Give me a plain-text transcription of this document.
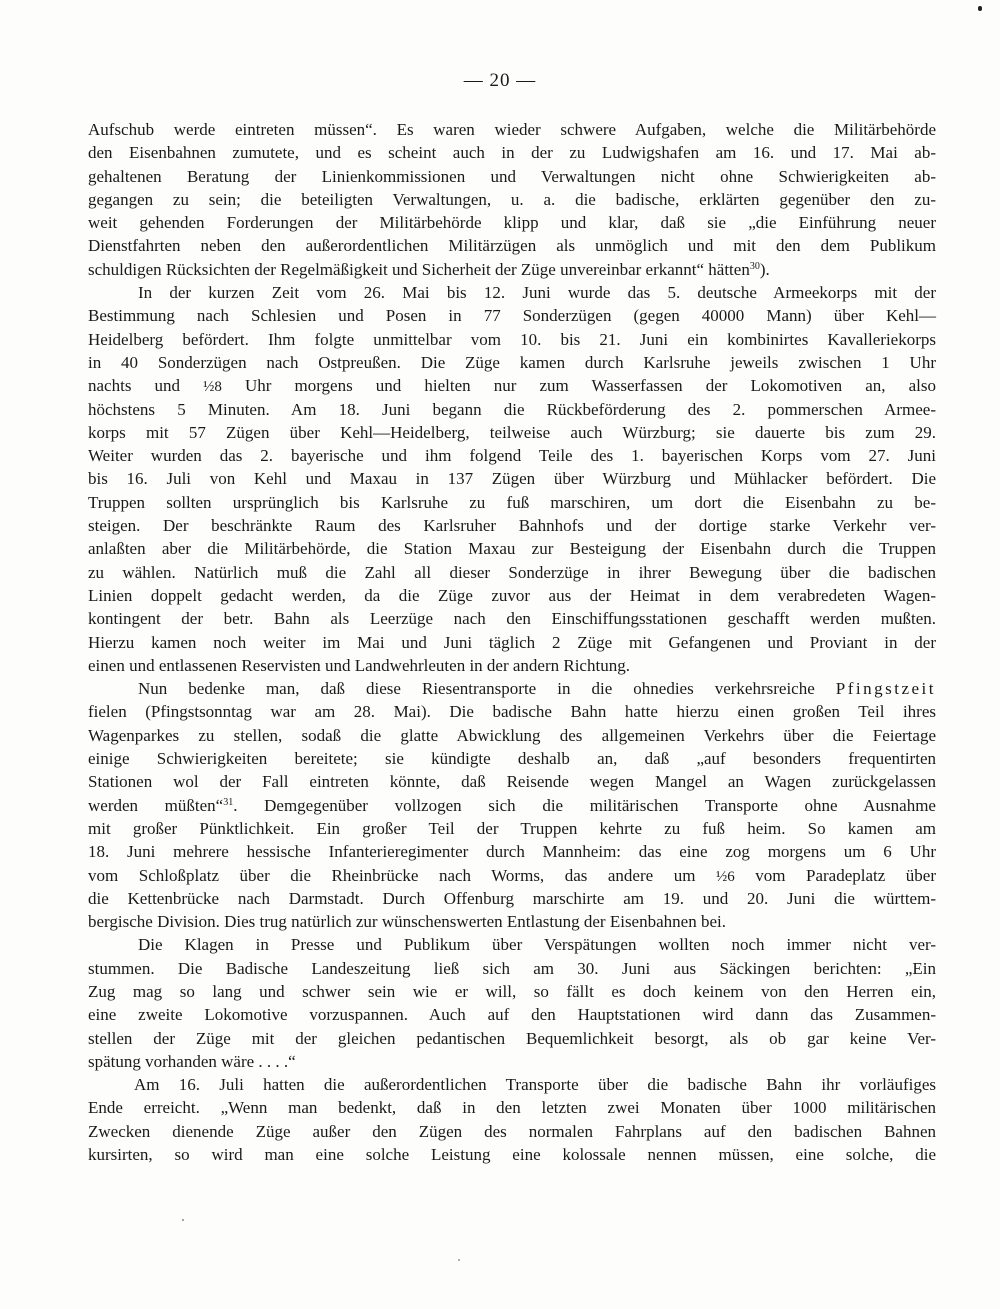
— 20 —
Aufschub werde eintreten müssen“. Es waren wieder schwere Aufgaben, welche die Militärbehörde
den Eisenbahnen zumutete, und es scheint auch in der zu Ludwigshafen am 16. und 17. Mai ab-
gehaltenen Beratung der Linienkommissionen und Verwaltungen nicht ohne Schwierigkeiten ab-
gegangen zu sein; die beteiligten Verwaltungen, u. a. die badische, erklärten gegenüber den zu-
weit gehenden Forderungen der Militärbehörde klipp und klar, daß sie „die Einführung neuer
Dienstfahrten neben den außerordentlichen Militärzügen als unmöglich und mit den dem Publikum
schuldigen Rücksichten der Regelmäßigkeit und Sicherheit der Züge unvereinbar erkannt“ hätten$^{30}$).
In der kurzen Zeit vom 26. Mai bis 12. Juni wurde das 5. deutsche Armeekorps mit der
Bestimmung nach Schlesien und Posen in 77 Sonderzügen (gegen 40000 Mann) über Kehl—
Heidelberg befördert. Ihm folgte unmittelbar vom 10. bis 21. Juni ein kombinirtes Kavalleriekorps
in 40 Sonderzügen nach Ostpreußen. Die Züge kamen durch Karlsruhe jeweils zwischen 1 Uhr
nachts und ½8 Uhr morgens und hielten nur zum Wasserfassen der Lokomotiven an, also
höchstens 5 Minuten. Am 18. Juni begann die Rückbeförderung des 2. pommerschen Armee-
korps mit 57 Zügen über Kehl—Heidelberg, teilweise auch Würzburg; sie dauerte bis zum 29.
Weiter wurden das 2. bayerische und ihm folgend Teile des 1. bayerischen Korps vom 27. Juni
bis 16. Juli von Kehl und Maxau in 137 Zügen über Würzburg und Mühlacker befördert. Die
Truppen sollten ursprünglich bis Karlsruhe zu fuß marschiren, um dort die Eisenbahn zu be-
steigen. Der beschränkte Raum des Karlsruher Bahnhofs und der dortige starke Verkehr ver-
anlaßten aber die Militärbehörde, die Station Maxau zur Besteigung der Eisenbahn durch die Truppen
zu wählen. Natürlich muß die Zahl all dieser Sonderzüge in ihrer Bewegung über die badischen
Linien doppelt gedacht werden, da die Züge zuvor aus der Heimat in dem verabredeten Wagen-
kontingent der betr. Bahn als Leerzüge nach den Einschiffungsstationen geschafft werden mußten.
Hierzu kamen noch weiter im Mai und Juni täglich 2 Züge mit Gefangenen und Proviant in der
einen und entlassenen Reservisten und Landwehrleuten in der andern Richtung.
Nun bedenke man, daß diese Riesentransporte in die ohnedies verkehrsreiche Pfingstzeit
fielen (Pfingstsonntag war am 28. Mai). Die badische Bahn hatte hierzu einen großen Teil ihres
Wagenparkes zu stellen, sodaß die glatte Abwicklung des allgemeinen Verkehrs über die Feiertage
einige Schwierigkeiten bereitete; sie kündigte deshalb an, daß „auf besonders frequentirten
Stationen wol der Fall eintreten könnte, daß Reisende wegen Mangel an Wagen zurückgelassen
werden müßten“$^{31}$. Demgegenüber vollzogen sich die militärischen Transporte ohne Ausnahme
mit großer Pünktlichkeit. Ein großer Teil der Truppen kehrte zu fuß heim. So kamen am
18. Juni mehrere hessische Infanterieregimenter durch Mannheim: das eine zog morgens um 6 Uhr
vom Schloßplatz über die Rheinbrücke nach Worms, das andere um ½6 vom Paradeplatz über
die Kettenbrücke nach Darmstadt. Durch Offenburg marschirte am 19. und 20. Juni die württem-
bergische Division. Dies trug natürlich zur wünschenswerten Entlastung der Eisenbahnen bei.
Die Klagen in Presse und Publikum über Verspätungen wollten noch immer nicht ver-
stummen. Die Badische Landeszeitung ließ sich am 30. Juni aus Säckingen berichten: „Ein
Zug mag so lang und schwer sein wie er will, so fällt es doch keinem von den Herren ein,
eine zweite Lokomotive vorzuspannen. Auch auf den Hauptstationen wird dann das Zusammen-
stellen der Züge mit der gleichen pedantischen Bequemlichkeit besorgt, als ob gar keine Ver-
spätung vorhanden wäre . . . .“
Am 16. Juli hatten die außerordentlichen Transporte über die badische Bahn ihr vorläufiges
Ende erreicht. „Wenn man bedenkt, daß in den letzten zwei Monaten über 1000 militärischen
Zwecken dienende Züge außer den Zügen des normalen Fahrplans auf den badischen Bahnen
kursirten, so wird man eine solche Leistung eine kolossale nennen müssen, eine solche, die
